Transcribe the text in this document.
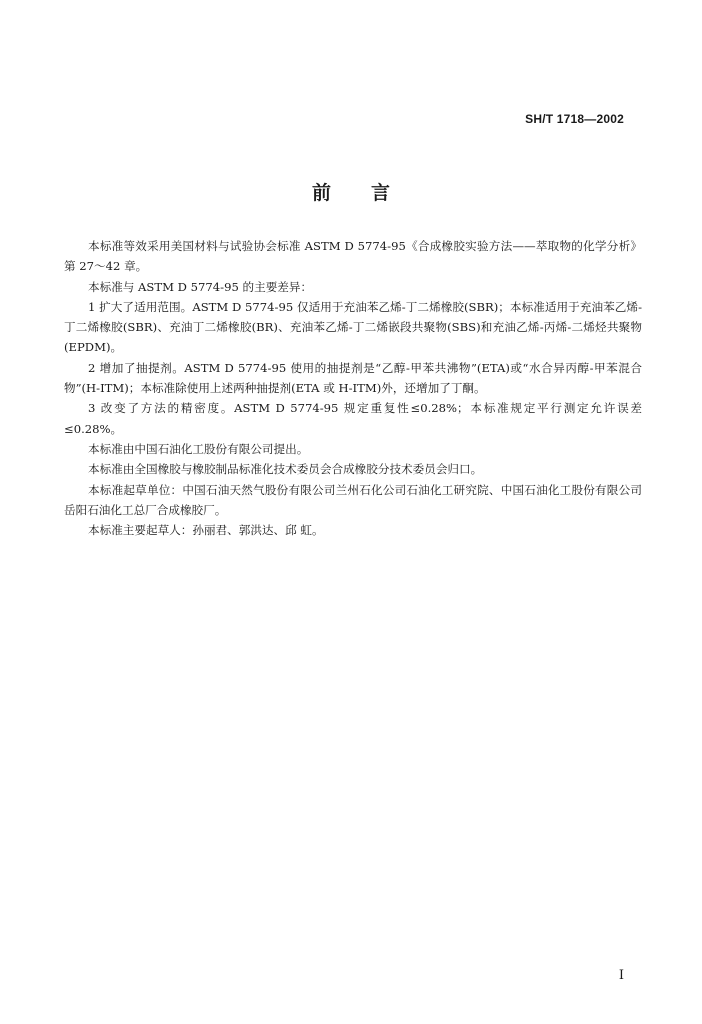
SH/T 1718—2002
前言

本标准等效采用美国材料与试验协会标准 ASTM D 5774-95《合成橡胶实验方法——萃取物的化学分析》第 27～42 章。

本标准与 ASTM D 5774-95 的主要差异：

1 扩大了适用范围。ASTM D 5774-95 仅适用于充油苯乙烯-丁二烯橡胶(SBR)；本标准适用于充油苯乙烯-丁二烯橡胶(SBR)、充油丁二烯橡胶(BR)、充油苯乙烯-丁二烯嵌段共聚物(SBS)和充油乙烯-丙烯-二烯烃共聚物(EPDM)。

2 增加了抽提剂。ASTM D 5774-95 使用的抽提剂是“乙醇-甲苯共沸物”(ETA)或“水合异丙醇-甲苯混合物”(H-ITM)；本标准除使用上述两种抽提剂(ETA 或 H-ITM)外，还增加了丁酮。

3 改变了方法的精密度。ASTM D 5774-95 规定重复性≤0.28%；本标准规定平行测定允许误差≤0.28%。

本标准由中国石油化工股份有限公司提出。

本标准由全国橡胶与橡胶制品标准化技术委员会合成橡胶分技术委员会归口。

本标准起草单位：中国石油天然气股份有限公司兰州石化公司石油化工研究院、中国石油化工股份有限公司岳阳石油化工总厂合成橡胶厂。

本标准主要起草人：孙丽君、郭洪达、邱 虹。

I
